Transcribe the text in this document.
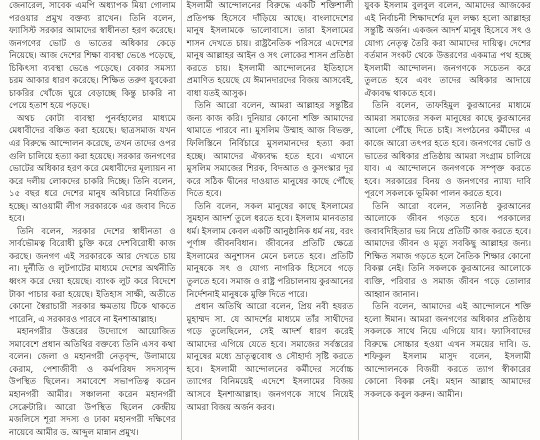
জেনারেল, সাবেক এমপি অধ্যাপক মিয়া গোলাম পরওয়ার প্রমুখ বক্তব্য রাখেন। তিনি বলেন, ফ্যাসিস্ট সরকার আমাদের স্বাধীনতা হরণ করেছে। জনগণের ভোট ও ভাতের অধিকার কেড়ে নিয়েছে। আজ দেশের শিক্ষা ব্যবস্থা ভেঙে পড়েছে, চিকিৎসা ব্যবস্থা ভেঙে পড়েছে। বেকার সমস্যা চরম আকার ধারণ করেছে। শিক্ষিত তরুণ যুবকেরা চাকরির খোঁজে ঘুরে বেড়াচ্ছে কিন্তু চাকরি না পেয়ে হতাশ হয়ে পড়ছে।

অথচ কোটা ব্যবস্থা পুনর্বহালের মাধ্যমে মেধাবীদের বঞ্চিত করা হয়েছে। ছাত্রসমাজ যখন এর বিরুদ্ধে আন্দোলন করেছে, তখন তাদের ওপর গুলি চালিয়ে হত্যা করা হয়েছে। সরকার জনগণের ভোটের অধিকার হরণ করে মেধাবীদের মূল্যায়ন না করে দলীয় লোকদের চাকরি দিচ্ছে। তিনি বলেন, ১৫ বছর ধরে দেশের মানুষ অবিচারে নির্যাতিত হচ্ছে। আওয়ামী লীগ সরকারকে এর জবাব দিতে হবে।

তিনি বলেন, সরকার দেশের স্বাধীনতা ও সার্বভৌমত্ব বিরোধী চুক্তি করে দেশবিরোধী কাজ করছে। জনগণ এই সরকারকে আর দেখতে চায় না। দুর্নীতি ও লুটপাটের মাধ্যমে দেশের অর্থনীতি ধ্বংস করে দেয়া হয়েছে। ব্যাংক লুট করে বিদেশে টাকা পাচার করা হয়েছে। ইতিহাস সাক্ষী, অতীতে কোনো স্বৈরাচারী সরকার ক্ষমতায় টিকে থাকতে পারেনি, এ সরকারও পারবে না ইনশাআল্লাহ।

মহানগরীর উত্তরের উদ্যোগে আয়োজিত সমাবেশে প্রধান অতিথির বক্তব্যে তিনি এসব কথা বলেন। জেলা ও মহানগরী নেতৃবৃন্দ, উলামায়ে কেরাম, পেশাজীবী ও কর্মপরিষদ সদস্যবৃন্দ উপস্থিত ছিলেন। সমাবেশে সভাপতিত্ব করেন মহানগরী আমীর। সঞ্চালনা করেন মহানগরী সেক্রেটারি। আরো উপস্থিত ছিলেন কেন্দ্রীয় মজলিসে শূরা সদস্য ও ঢাকা মহানগরী দক্ষিণের নায়েবে আমীর ড. আব্দুল মান্নান প্রমুখ।

ইসলামী আন্দোলনের বিরুদ্ধে একটি শক্তিশালী প্রতিপক্ষ হিসেবে দাঁড়িয়ে আছে। বাংলাদেশের মানুষ ইসলামকে ভালোবাসে। তারা ইসলামের শাসন দেখতে চায়। রাষ্ট্রনৈতিক পরিসরে এদেশের মানুষ আল্লাহর আইন ও সৎ লোকের শাসন প্রতিষ্ঠা করতে চায়। ইসলামী আন্দোলনের ইতিহাসে প্রমাণিত হয়েছে যে ঈমানদারদের বিজয় আসবেই, বাধা যতই আসুক।

তিনি আরো বলেন, আমরা আল্লাহর সন্তুষ্টির জন্য কাজ করি। দুনিয়ার কোনো শক্তি আমাদের থামাতে পারবে না। মুসলিম উম্মাহ আজ বিভক্ত, ফিলিস্তিনে নির্বিচারে মুসলমানদের হত্যা করা হচ্ছে। আমাদের ঐক্যবদ্ধ হতে হবে। এখানে মুসলিম সমাজের শিরক, বিদআত ও কুসংস্কার দূর করে সঠিক দ্বীনের দাওয়াত মানুষের কাছে পৌঁছে দিতে হবে।

তিনি বলেন, সকল মানুষের কাছে ইসলামের সুমহান আদর্শ তুলে ধরতে হবে। ইসলাম মানবতার ধর্ম। ইসলাম কেবল একটি আনুষ্ঠানিক ধর্ম নয়, বরং পূর্ণাঙ্গ জীবনবিধান। জীবনের প্রতিটি ক্ষেত্রে ইসলামের অনুশাসন মেনে চলতে হবে। প্রতিটি মানুষকে সৎ ও যোগ্য নাগরিক হিসেবে গড়ে তুলতে হবে। সমাজ ও রাষ্ট্র পরিচালনায় কুরআনের নির্দেশনাই মানুষকে মুক্তি দিতে পারে।

প্রধান অতিথি আরো বলেন, প্রিয় নবী হযরত মুহাম্মদ সা. যে আদর্শের মাধ্যমে তাঁর সাথীদের গড়ে তুলেছিলেন, সেই আদর্শ ধারণ করেই আমাদের এগিয়ে যেতে হবে। সমাজের সর্বস্তরের মানুষের মধ্যে ভ্রাতৃত্ববোধ ও সৌহার্দ্য সৃষ্টি করতে হবে। ইসলামী আন্দোলনের কর্মীদের সর্বোচ্চ ত্যাগের বিনিময়েই এদেশে ইসলামের বিজয় আসবে ইনশাআল্লাহ। জনগণকে সাথে নিয়েই আমরা বিজয় অর্জন করব।

যুবক ইসলাম বুলবুল বলেন, আমাদের আজকের এই নির্বাচনী শিক্ষাদর্শের মূল লক্ষ্য হলো আল্লাহর সন্তুষ্টি অর্জন। একজন আদর্শ মানুষ হিসেবে সৎ ও যোগ্য নেতৃত্ব তৈরি করা আমাদের দায়িত্ব। দেশের বর্তমান সংকট থেকে উত্তরণের একমাত্র পথ হচ্ছে ইসলামী আন্দোলন। জনগণকে সচেতন করে তুলতে হবে এবং তাদের অধিকার আদায়ে ঐক্যবদ্ধ থাকতে হবে।

তিনি বলেন, তাফহিমুল কুরআনের মাধ্যমে আমরা সমাজের সকল মানুষের কাছে কুরআনের আলো পৌঁছে দিতে চাই। সংগঠনের কর্মীদের এ কাজে আরো তৎপর হতে হবে। জনগণের ভোট ও ভাতের অধিকার প্রতিষ্ঠায় আমরা সংগ্রাম চালিয়ে যাব। এ আন্দোলনে জনগণকে সম্পৃক্ত করতে হবে। সরকারের বিনয় ও জনগণের ন্যায্য দাবি পূরণে সকলকে ভূমিকা পালন করতে হবে।

তিনি আরো বলেন, সত্যনিষ্ঠ কুরআনের আলোকে জীবন গড়তে হবে। পরকালের জবাবদিহিতার ভয় নিয়ে প্রতিটি কাজ করতে হবে। আমাদের জীবন ও মৃত্যু সবকিছু আল্লাহর জন্য। শিক্ষিত সমাজ গড়তে হলে নৈতিক শিক্ষার কোনো বিকল্প নেই। তিনি সকলকে কুরআনের আলোকে ব্যক্তি, পরিবার ও সমাজ জীবন গড়ে তোলার আহ্বান জানান।

তিনি বলেন, আমাদের এই আন্দোলনে শক্তি হলো ঈমান। আমরা জনগণের অধিকার প্রতিষ্ঠায় সকলকে সাথে নিয়ে এগিয়ে যাব। ফ্যাসিবাদের বিরুদ্ধে সোচ্চার হওয়া এখন সময়ের দাবি। ড. শফিকুল ইসলাম মাসুদ বলেন, ইসলামী আন্দোলনকে বিজয়ী করতে ত্যাগ স্বীকারের কোনো বিকল্প নেই। মহান আল্লাহ আমাদের সকলকে কবুল করুন। আমীন।
